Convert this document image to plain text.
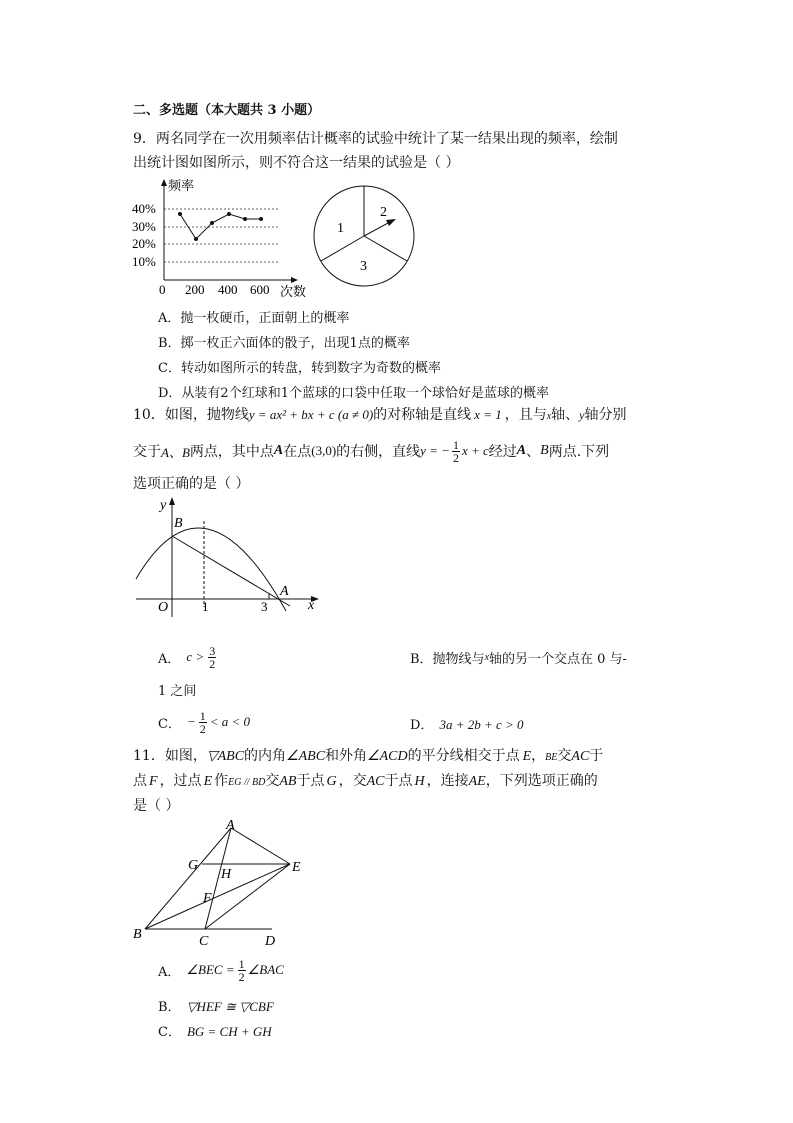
二、多选题（本大题共 3 小题）
9．两名同学在一次用频率估计概率的试验中统计了某一结果出现的频率，绘制
出统计图如图所示，则不符合这一结果的试验是（ ）
频率
40%
30%
20%
10%
0 200 400 600 次数
1
2
3
A．抛一枚硬币，正面朝上的概率
B．掷一枚正六面体的骰子，出现1点的概率
C．转动如图所示的转盘，转到数字为奇数的概率
D．从装有2个红球和1个蓝球的口袋中任取一个球恰好是蓝球的概率
10．如图，抛物线y = ax² + bx + c (a ≠ 0)的对称轴是直线 x = 1 ，且与x轴、y轴分别
交于 A、B 两点，其中点 A 在点 (3,0) 的右侧，直线 y = − $\frac{1}{2}$ x + c 经过 A 、 B 两点.下列
选项正确的是（ ）
y
B
O	1	3
A
x
A． $c > \frac{3}{2}$	B．抛物线与$^x$轴的另一个交点在 0 与-
1 之间
C． − $\frac{1}{2} < a < 0$	D． 3a + 2b + c > 0
11．如图，▽ABC的内角∠ABC和外角∠ACD的平分线相交于点 E，BE交AC于
点 F ，过点 E 作EG // BD交AB于点 G ，交AC于点 H ，连接AE，下列选项正确的
是（ ）
A
G
H	E
F
B	C	D
A． ∠BEC = $\frac{1}{2}$ ∠BAC
B． ▽HEF ≅ ▽CBF
C． BG = CH + GH
